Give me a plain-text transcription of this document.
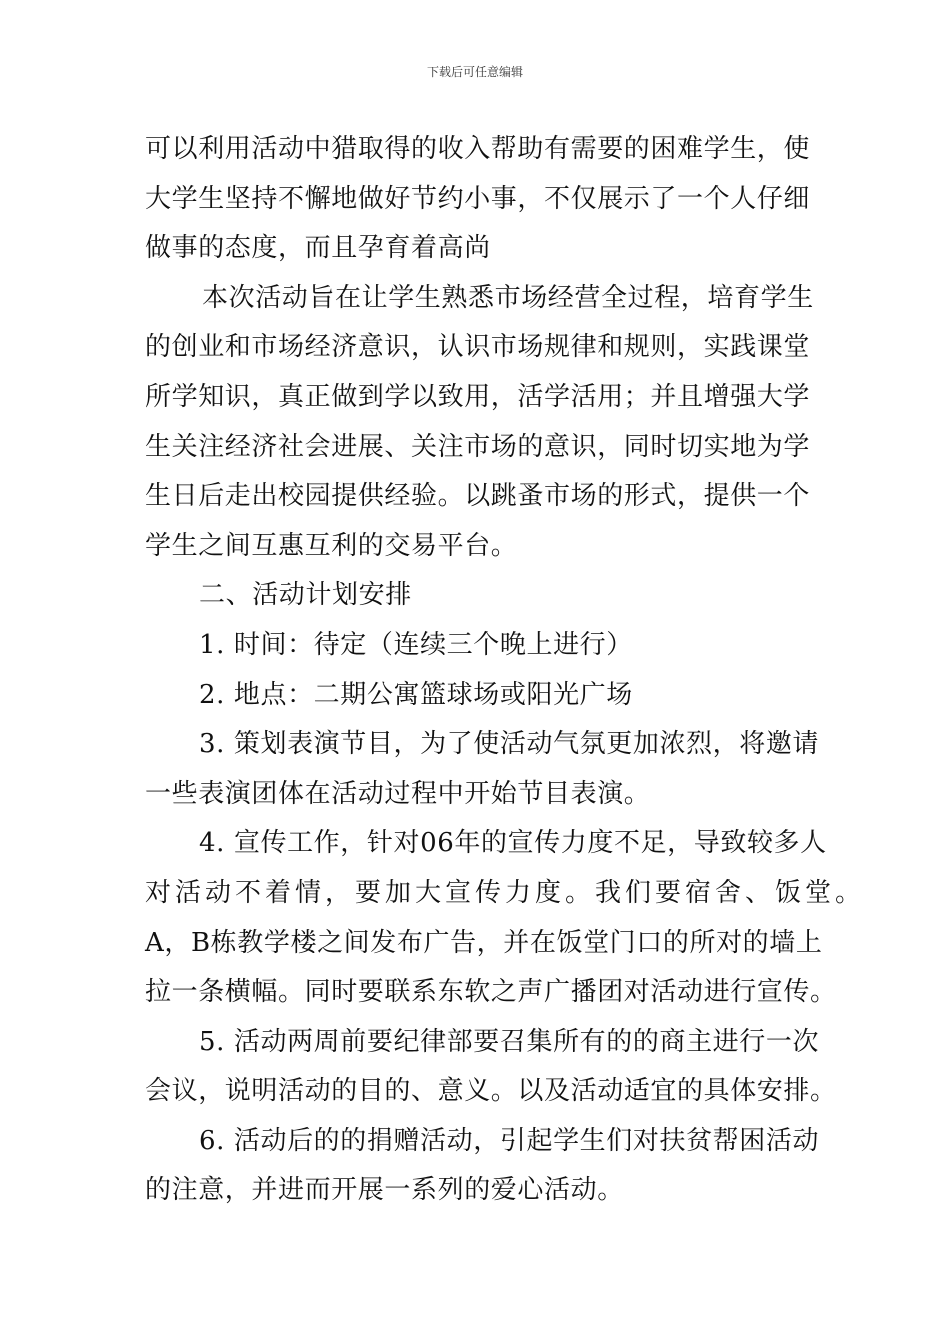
下载后可任意编辑
可以利用活动中猎取得的收入帮助有需要的困难学生，使
大学生坚持不懈地做好节约小事，不仅展示了一个人仔细
做事的态度，而且孕育着高尚
本次活动旨在让学生熟悉市场经营全过程，培育学生
的创业和市场经济意识，认识市场规律和规则，实践课堂
所学知识，真正做到学以致用，活学活用；并且增强大学
生关注经济社会进展、关注市场的意识，同时切实地为学
生日后走出校园提供经验。以跳蚤市场的形式，提供一个
学生之间互惠互利的交易平台。
二、活动计划安排
1. 时间：待定（连续三个晚上进行）
2. 地点：二期公寓篮球场或阳光广场
3. 策划表演节目，为了使活动气氛更加浓烈，将邀请
一些表演团体在活动过程中开始节目表演。
4. 宣传工作，针对06年的宣传力度不足，导致较多人
对活动不着情，要加大宣传力度。我们要宿舍、饭堂。
A，B栋教学楼之间发布广告，并在饭堂门口的所对的墙上
拉一条横幅。同时要联系东软之声广播团对活动进行宣传。
5. 活动两周前要纪律部要召集所有的的商主进行一次
会议，说明活动的目的、意义。以及活动适宜的具体安排。
6. 活动后的的捐赠活动，引起学生们对扶贫帮困活动
的注意，并进而开展一系列的爱心活动。
